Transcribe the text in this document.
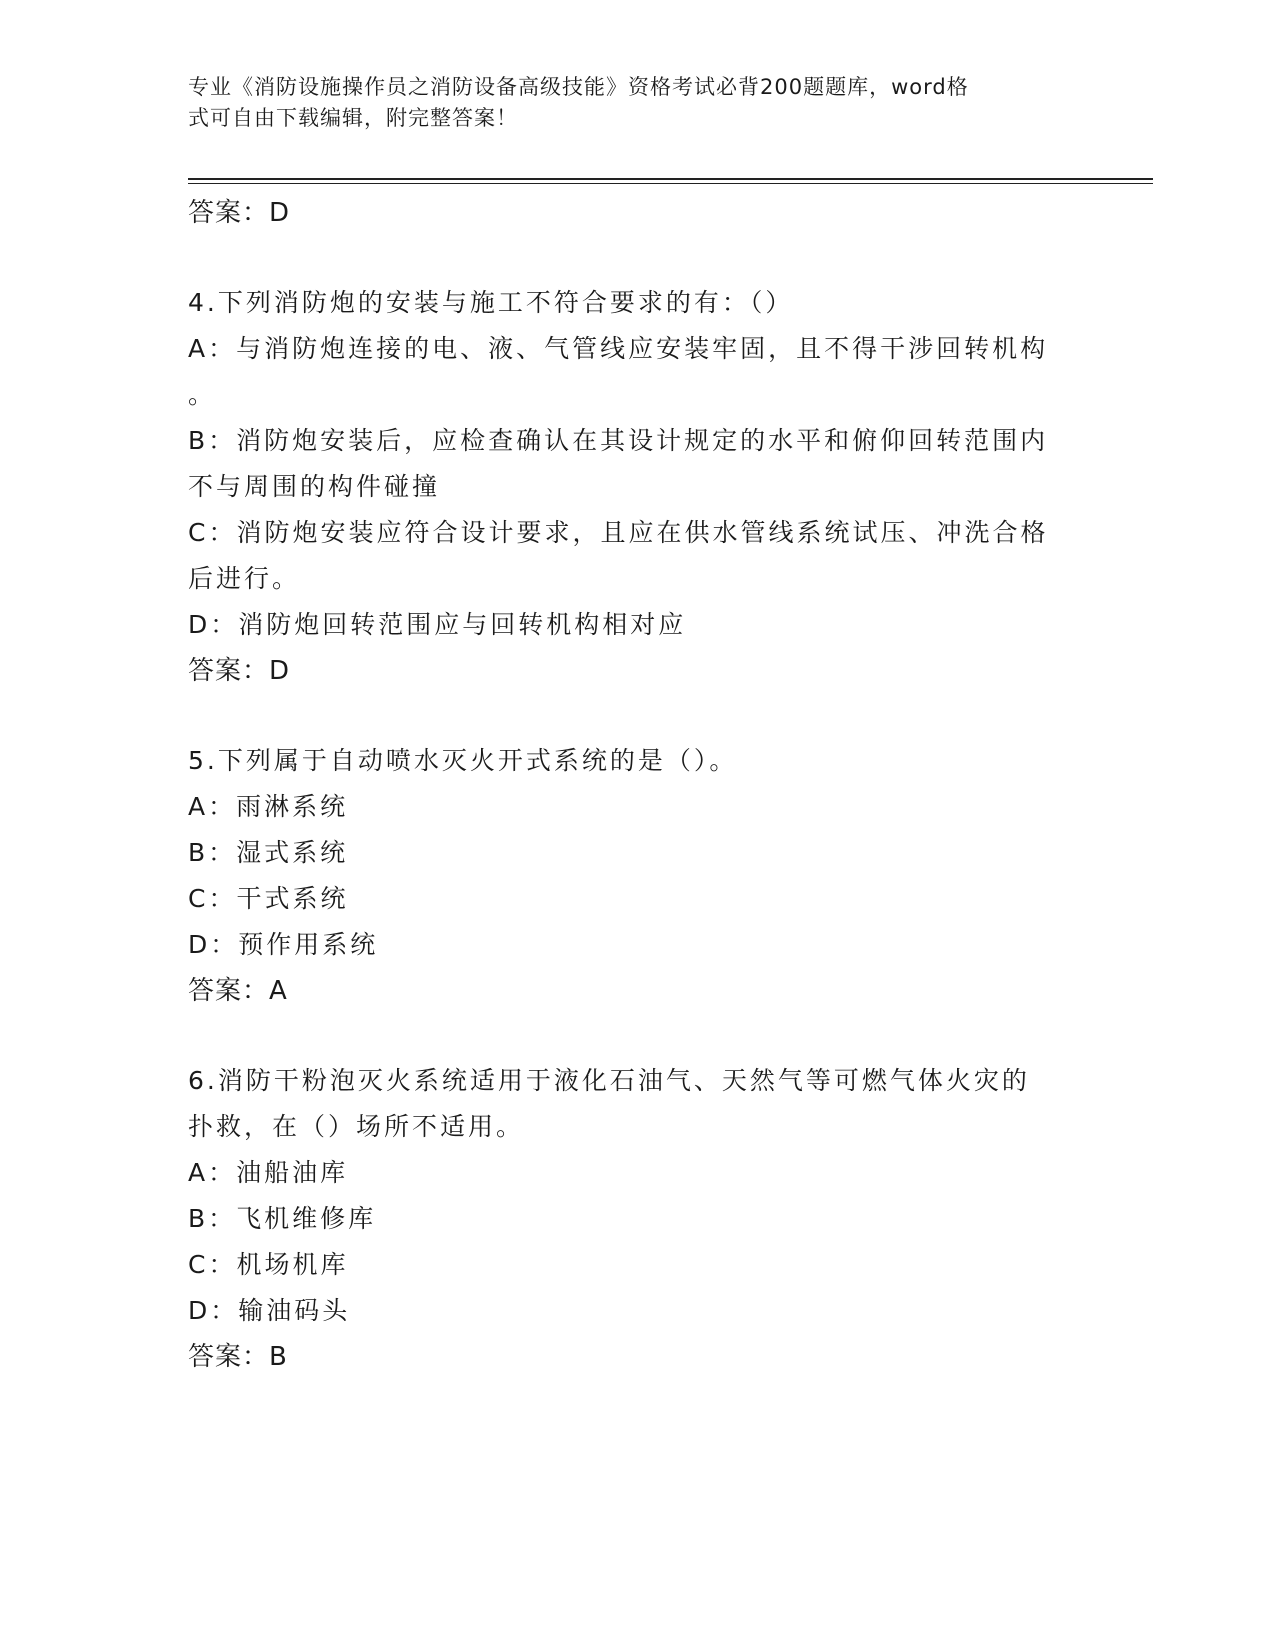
专业《消防设施操作员之消防设备高级技能》资格考试必背200题题库，word格
式可自由下载编辑，附完整答案！

答案：D

4.下列消防炮的安装与施工不符合要求的有：（）

A：与消防炮连接的电、液、气管线应安装牢固，且不得干涉回转机构

。

B：消防炮安装后，应检查确认在其设计规定的水平和俯仰回转范围内

不与周围的构件碰撞

C：消防炮安装应符合设计要求，且应在供水管线系统试压、冲洗合格

后进行。

D：消防炮回转范围应与回转机构相对应

答案：D

5.下列属于自动喷水灭火开式系统的是（）。

A：雨淋系统

B：湿式系统

C：干式系统

D：预作用系统

答案：A

6.消防干粉泡灭火系统适用于液化石油气、天然气等可燃气体火灾的

扑救，在（）场所不适用。

A：油船油库

B：飞机维修库

C：机场机库

D：输油码头

答案：B
